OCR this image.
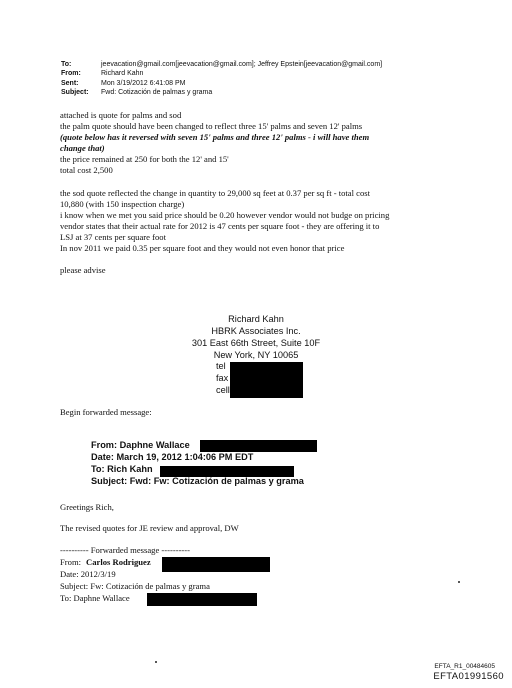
To:	jeevacation@gmail.com[jeevacation@gmail.com]; Jeffrey Epstein[jeevacation@gmail.com]
From:	Richard Kahn
Sent:	Mon 3/19/2012 6:41:08 PM
Subject: Fwd: Cotización de palmas y grama
attached is quote for palms and sod
the palm quote should have been changed to reflect three 15' palms and seven 12' palms
(quote below has it reversed with seven 15' palms and three 12' palms - i will have them
change that)
the price remained at 250 for both the 12' and 15'
total cost 2,500
the sod quote reflected the change in quantity to 29,000 sq feet at 0.37 per sq ft - total cost
10,880 (with 150 inspection charge)
i know when we met you said price should be 0.20 however vendor would not budge on pricing
vendor states that their actual rate for 2012 is 47 cents per square foot - they are offering it to
LSJ at 37 cents per square foot
In nov 2011 we paid 0.35 per square foot and they would not even honor that price
please advise
Richard Kahn
HBRK Associates Inc.
301 East 66th Street, Suite 10F
New York, NY 10065
tel
fax
cell
Begin forwarded message:
From: Daphne Wallace
Date: March 19, 2012 1:04:06 PM EDT
To: Rich Kahn
Subject: Fwd: Fw: Cotización de palmas y grama
Greetings Rich,
The revised quotes for JE review and approval, DW
---------- Forwarded message ----------
From: Carlos Rodriguez
Date: 2012/3/19
Subject: Fw: Cotización de palmas y grama
To: Daphne Wallace
EFTA_R1_00484605
EFTA01991560
